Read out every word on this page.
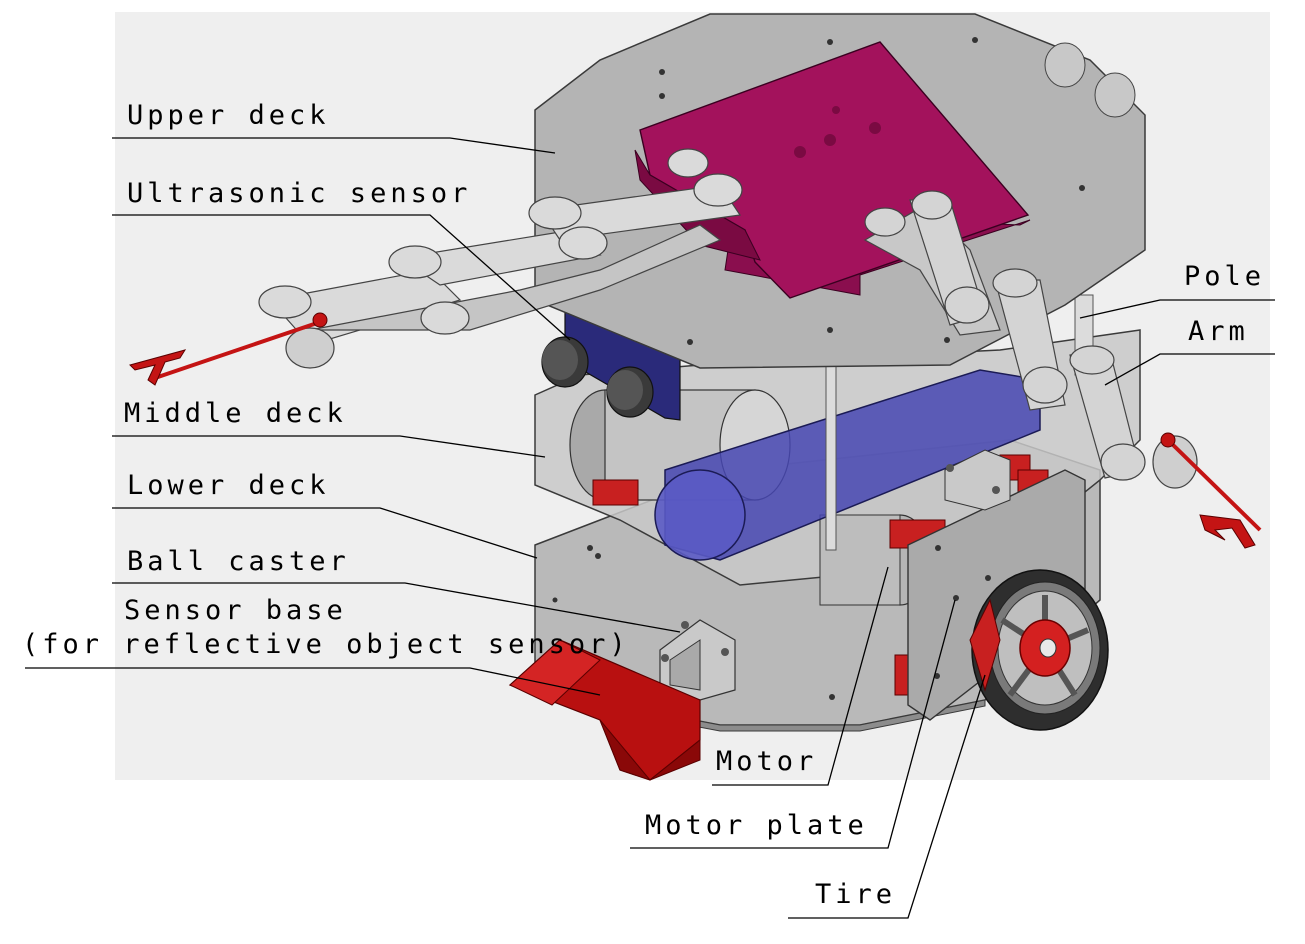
Upper deck
Ultrasonic sensor
Middle deck
Lower deck
Ball caster
Sensor base
(for reflective object sensor)
Pole
Arm
Motor
Motor plate
Tire
